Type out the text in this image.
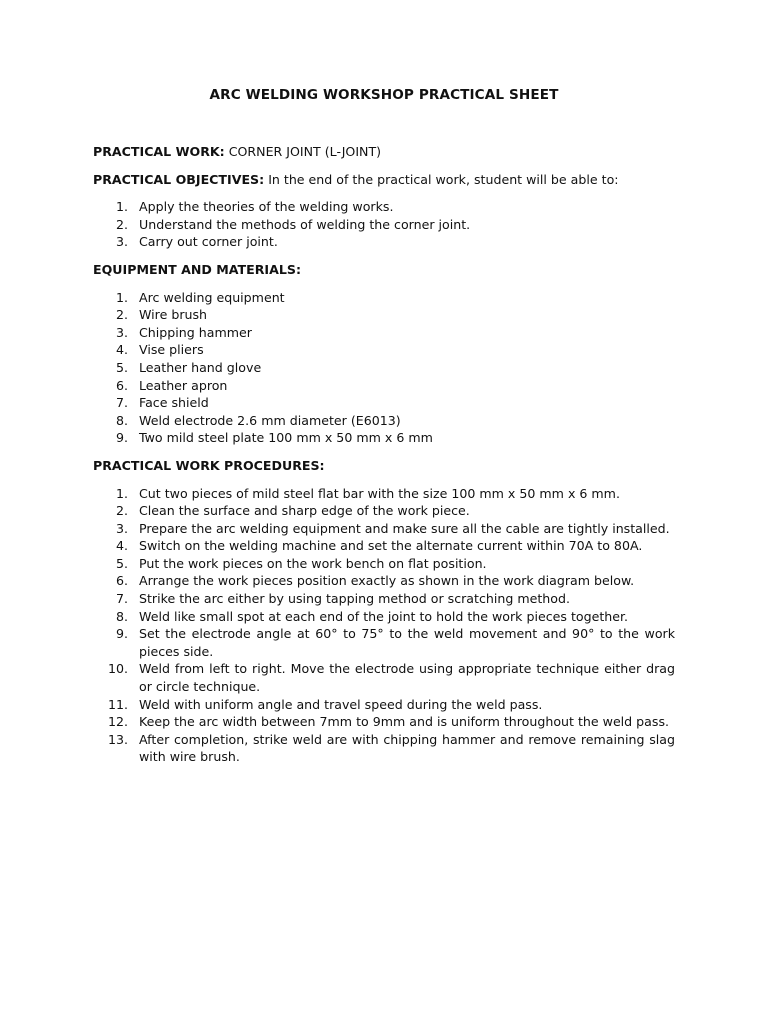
ARC WELDING WORKSHOP PRACTICAL SHEET

PRACTICAL WORK: CORNER JOINT (L-JOINT)

PRACTICAL OBJECTIVES: In the end of the practical work, student will be able to:

1. Apply the theories of the welding works.
2. Understand the methods of welding the corner joint.
3. Carry out corner joint.
EQUIPMENT AND MATERIALS:
1. Arc welding equipment
2. Wire brush
3. Chipping hammer
4. Vise pliers
5. Leather hand glove
6. Leather apron
7. Face shield
8. Weld electrode 2.6 mm diameter (E6013)
9. Two mild steel plate 100 mm x 50 mm x 6 mm
PRACTICAL WORK PROCEDURES:
1. Cut two pieces of mild steel flat bar with the size 100 mm x 50 mm x 6 mm.
2. Clean the surface and sharp edge of the work piece.
3. Prepare the arc welding equipment and make sure all the cable are tightly installed.
4. Switch on the welding machine and set the alternate current within 70A to 80A.
5. Put the work pieces on the work bench on flat position.
6. Arrange the work pieces position exactly as shown in the work diagram below.
7. Strike the arc either by using tapping method or scratching method.
8. Weld like small spot at each end of the joint to hold the work pieces together.
9. Set the electrode angle at 60° to 75° to the weld movement and 90° to the work pieces side.
10. Weld from left to right. Move the electrode using appropriate technique either drag or circle technique.
11. Weld with uniform angle and travel speed during the weld pass.
12. Keep the arc width between 7mm to 9mm and is uniform throughout the weld pass.
13. After completion, strike weld are with chipping hammer and remove remaining slag with wire brush.
